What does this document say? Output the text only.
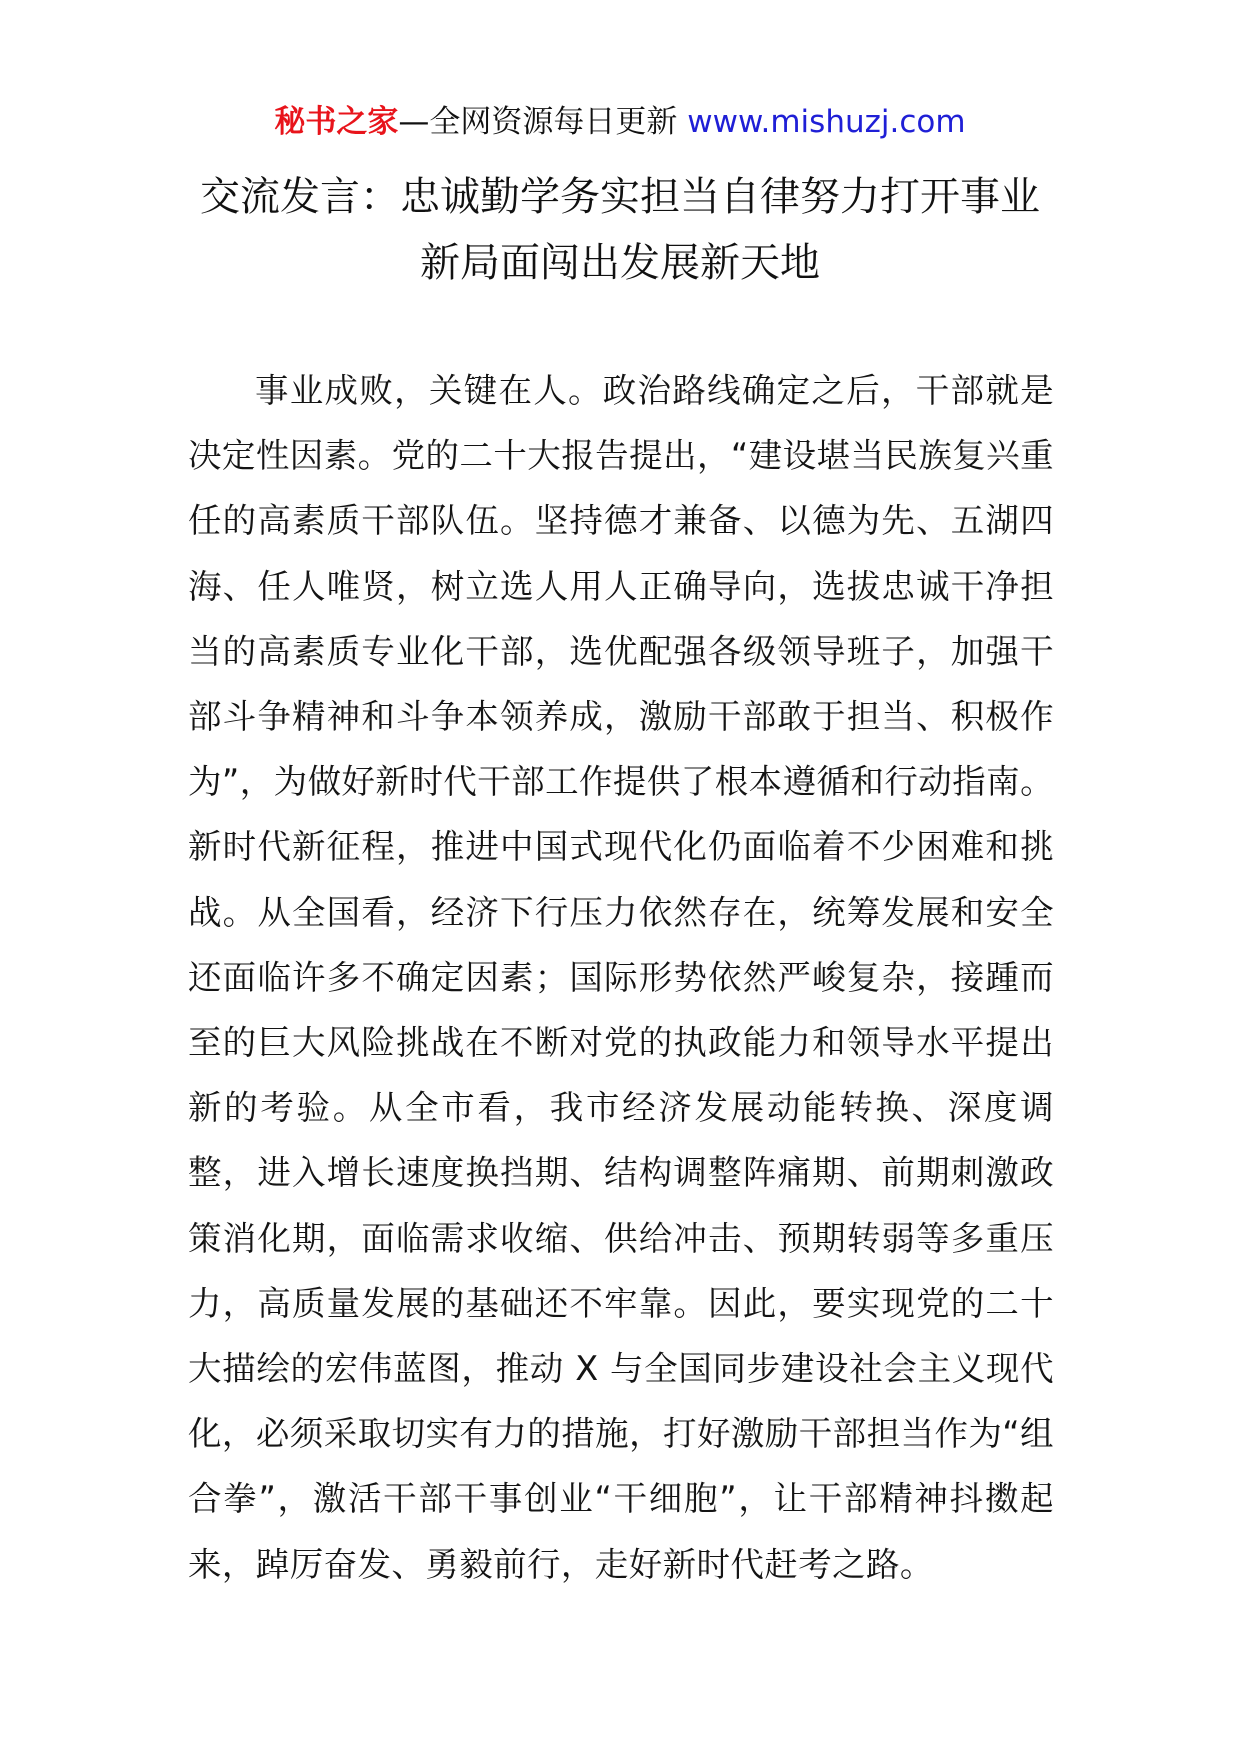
秘书之家—全网资源每日更新 www.mishuzj.com
交流发言：忠诚勤学务实担当自律努力打开事业新局面闯出发展新天地
事业成败，关键在人。政治路线确定之后，干部就是决定性因素。党的二十大报告提出，“建设堪当民族复兴重任的高素质干部队伍。坚持德才兼备、以德为先、五湖四海、任人唯贤，树立选人用人正确导向，选拔忠诚干净担当的高素质专业化干部，选优配强各级领导班子，加强干部斗争精神和斗争本领养成，激励干部敢于担当、积极作为”，为做好新时代干部工作提供了根本遵循和行动指南。新时代新征程，推进中国式现代化仍面临着不少困难和挑战。从全国看，经济下行压力依然存在，统筹发展和安全还面临许多不确定因素；国际形势依然严峻复杂，接踵而至的巨大风险挑战在不断对党的执政能力和领导水平提出新的考验。从全市看，我市经济发展动能转换、深度调整，进入增长速度换挡期、结构调整阵痛期、前期刺激政策消化期，面临需求收缩、供给冲击、预期转弱等多重压力，高质量发展的基础还不牢靠。因此，要实现党的二十大描绘的宏伟蓝图，推动 X 与全国同步建设社会主义现代化，必须采取切实有力的措施，打好激励干部担当作为“组合拳”，激活干部干事创业“干细胞”，让干部精神抖擞起来，踔厉奋发、勇毅前行，走好新时代赶考之路。
